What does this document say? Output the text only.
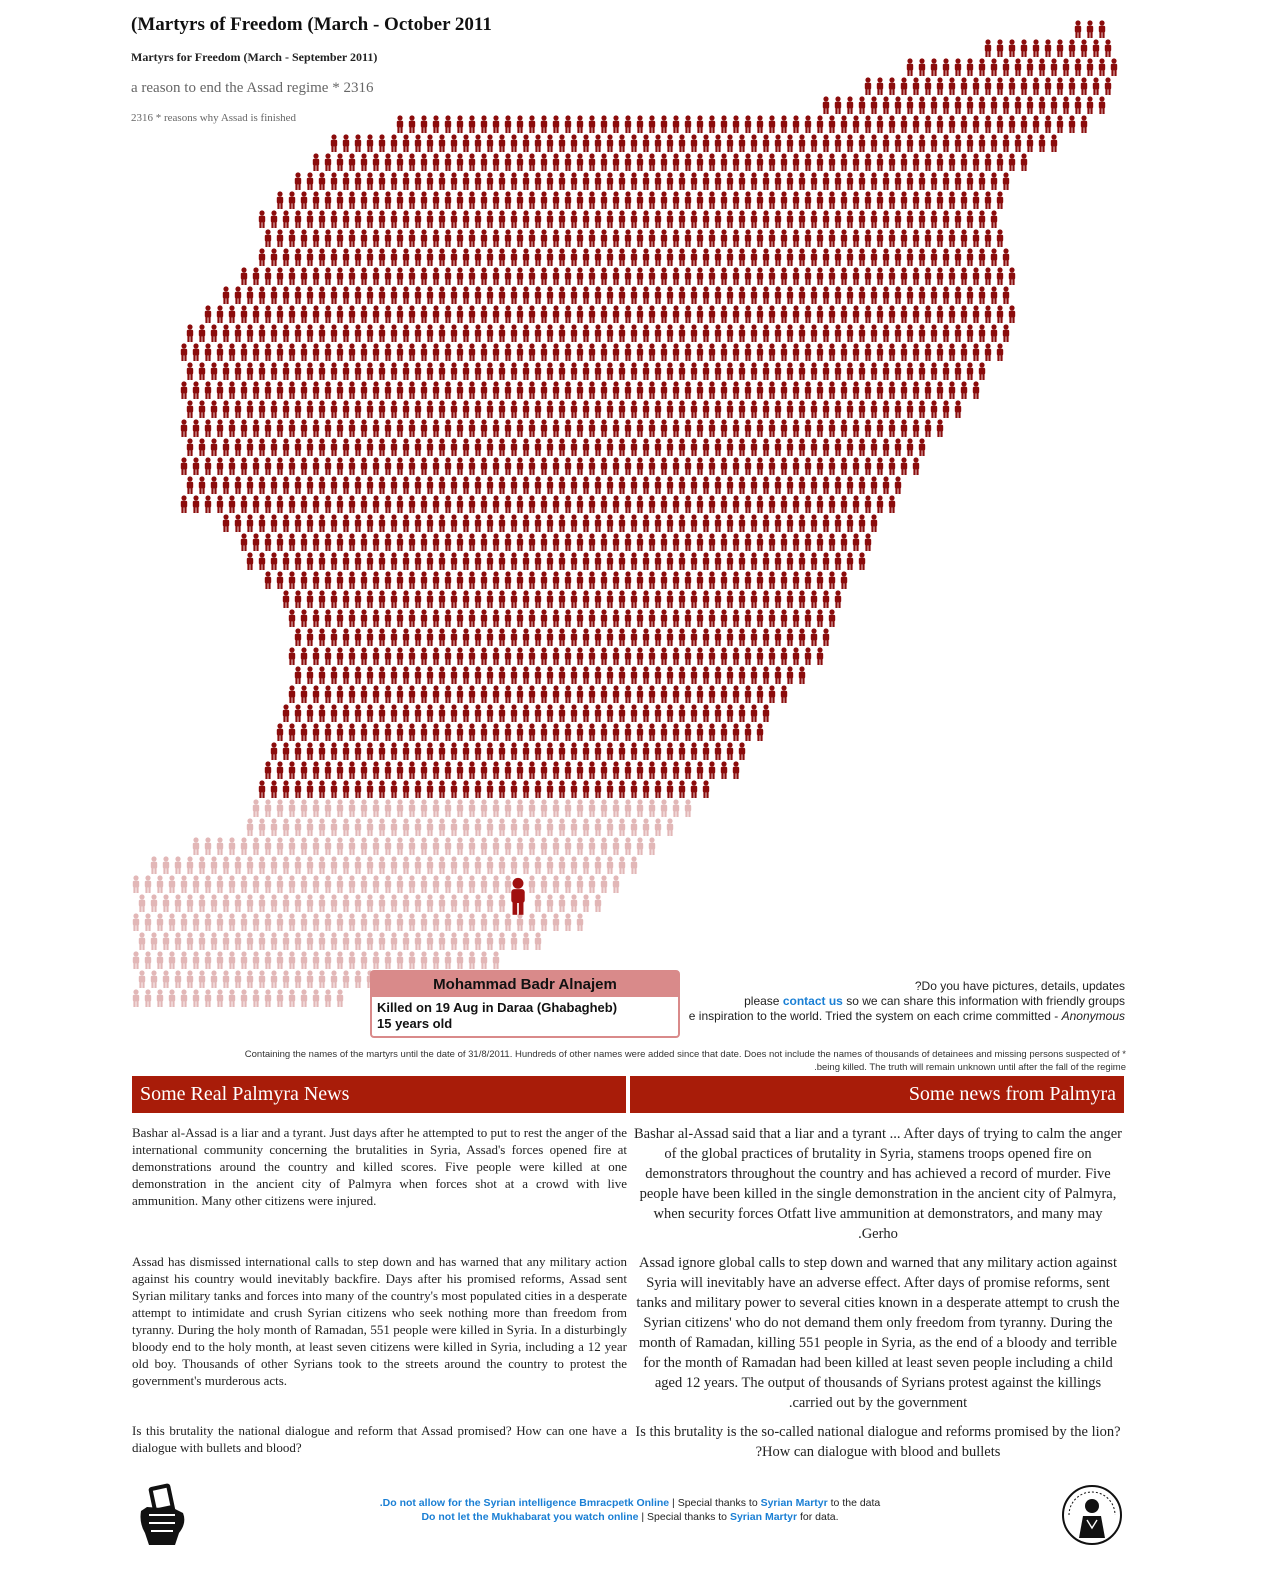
(Martyrs of Freedom (March - October 2011
Martyrs for Freedom (March - September 2011)
a reason to end the Assad regime * 2316
2316 * reasons why Assad is finished
Mohammad Badr Alnajem
Killed on 19 Aug in Daraa (Ghabagheb)
15 years old
?Do you have pictures, details, updates
please contact us so we can share this information with friendly groups
e inspiration to the world. Tried the system on each crime committed - Anonymous
Containing the names of the martyrs until the date of 31/8/2011. Hundreds of other names were added since that date. Does not include the names of thousands of detainees and missing persons suspected of *
.being killed. The truth will remain unknown until after the fall of the regime
Some Real Palmyra News	Some news from Palmyra
Bashar al-Assad is a liar and a tyrant. Just days after he attempted to put to rest the anger of the international community concerning the brutalities in Syria, Assad's forces opened fire at demonstrations around the country and killed scores. Five people were killed at one demonstration in the ancient city of Palmyra when forces shot at a crowd with live ammunition. Many other citizens were injured.
Assad has dismissed international calls to step down and has warned that any military action against his country would inevitably backfire. Days after his promised reforms, Assad sent Syrian military tanks and forces into many of the country's most populated cities in a desperate attempt to intimidate and crush Syrian citizens who seek nothing more than freedom from tyranny. During the holy month of Ramadan, 551 people were killed in Syria. In a disturbingly bloody end to the holy month, at least seven citizens were killed in Syria, including a 12 year old boy. Thousands of other Syrians took to the streets around the country to protest the government's murderous acts.
Is this brutality the national dialogue and reform that Assad promised? How can one have a dialogue with bullets and blood?
Bashar al-Assad said that a liar and a tyrant ... After days of trying to calm the anger of the global practices of brutality in Syria, stamens troops opened fire on demonstrators throughout the country and has achieved a record of murder. Five people have been killed in the single demonstration in the ancient city of Palmyra, when security forces Otfatt live ammunition at demonstrators, and many may .Gerho
Assad ignore global calls to step down and warned that any military action against Syria will inevitably have an adverse effect. After days of promise reforms, sent tanks and military power to several cities known in a desperate attempt to crush the Syrian citizens' who do not demand them only freedom from tyranny. During the month of Ramadan, killing 551 people in Syria, as the end of a bloody and terrible for the month of Ramadan had been killed at least seven people including a child aged 12 years. The output of thousands of Syrians protest against the killings .carried out by the government
Is this brutality is the so-called national dialogue and reforms promised by the lion? ?How can dialogue with blood and bullets
.Do not allow for the Syrian intelligence Bmracpetk Online | Special thanks to Syrian Martyr to the data
Do not let the Mukhabarat you watch online | Special thanks to Syrian Martyr for data.
